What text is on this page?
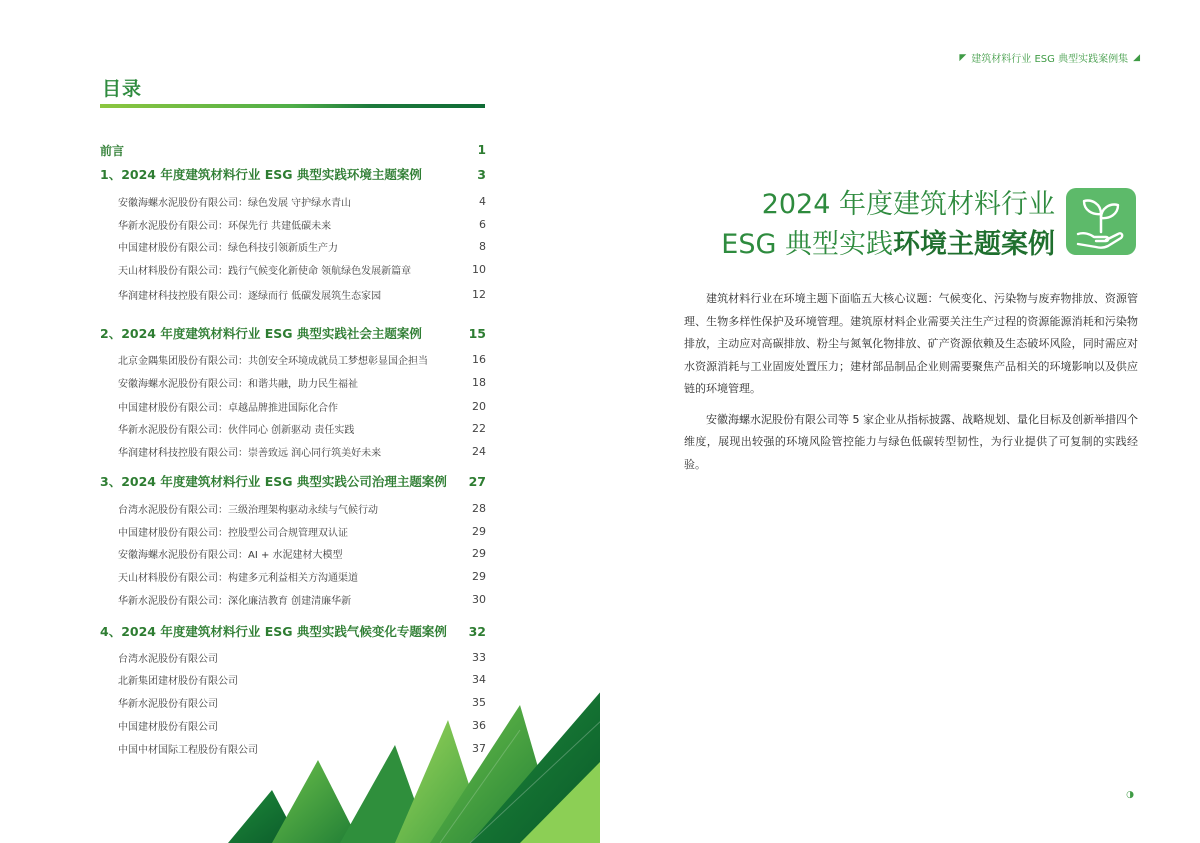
目录
前言	1
1、2024 年度建筑材料行业 ESG 典型实践环境主题案例	3
安徽海螺水泥股份有限公司：绿色发展 守护绿水青山	4
华新水泥股份有限公司：环保先行 共建低碳未来	6
中国建材股份有限公司：绿色科技引领新质生产力	8
天山材料股份有限公司：践行气候变化新使命 领航绿色发展新篇章	10
华润建材科技控股有限公司：逐绿而行 低碳发展筑生态家园	12
2、2024 年度建筑材料行业 ESG 典型实践社会主题案例	15
北京金隅集团股份有限公司：共创安全环境成就员工梦想彰显国企担当	16
安徽海螺水泥股份有限公司：和谐共融，助力民生福祉	18
中国建材股份有限公司：卓越品牌推进国际化合作	20
华新水泥股份有限公司：伙伴同心 创新驱动 责任实践	22
华润建材科技控股有限公司：崇善致远 润心同行筑美好未来	24
3、2024 年度建筑材料行业 ESG 典型实践公司治理主题案例 27
台湾水泥股份有限公司：三级治理架构驱动永续与气候行动	28
中国建材股份有限公司：控股型公司合规管理双认证	29
安徽海螺水泥股份有限公司：AI + 水泥建材大模型	29
天山材料股份有限公司：构建多元利益相关方沟通渠道	29
华新水泥股份有限公司：深化廉洁教育 创建清廉华新	30
4、2024 年度建筑材料行业 ESG 典型实践气候变化专题案例 32
台湾水泥股份有限公司	33
北新集团建材股份有限公司	34
华新水泥股份有限公司	35
中国建材股份有限公司	36
中国中材国际工程股份有限公司	37
◤ 建筑材料行业 ESG 典型实践案例集 ◢
2024 年度建筑材料行业
ESG 典型实践环境主题案例

建筑材料行业在环境主题下面临五大核心议题：气候变化、污染物与废弃物排放、资源管理、生物多样性保护及环境管理。建筑原材料企业需要关注生产过程的资源能源消耗和污染物排放，主动应对高碳排放、粉尘与氮氧化物排放、矿产资源依赖及生态破坏风险，同时需应对水资源消耗与工业固废处置压力；建材部品制品企业则需要聚焦产品相关的环境影响以及供应链的环境管理。

安徽海螺水泥股份有限公司等 5 家企业从指标披露、战略规划、量化目标及创新举措四个维度，展现出较强的环境风险管控能力与绿色低碳转型韧性，为行业提供了可复制的实践经验。

◑
